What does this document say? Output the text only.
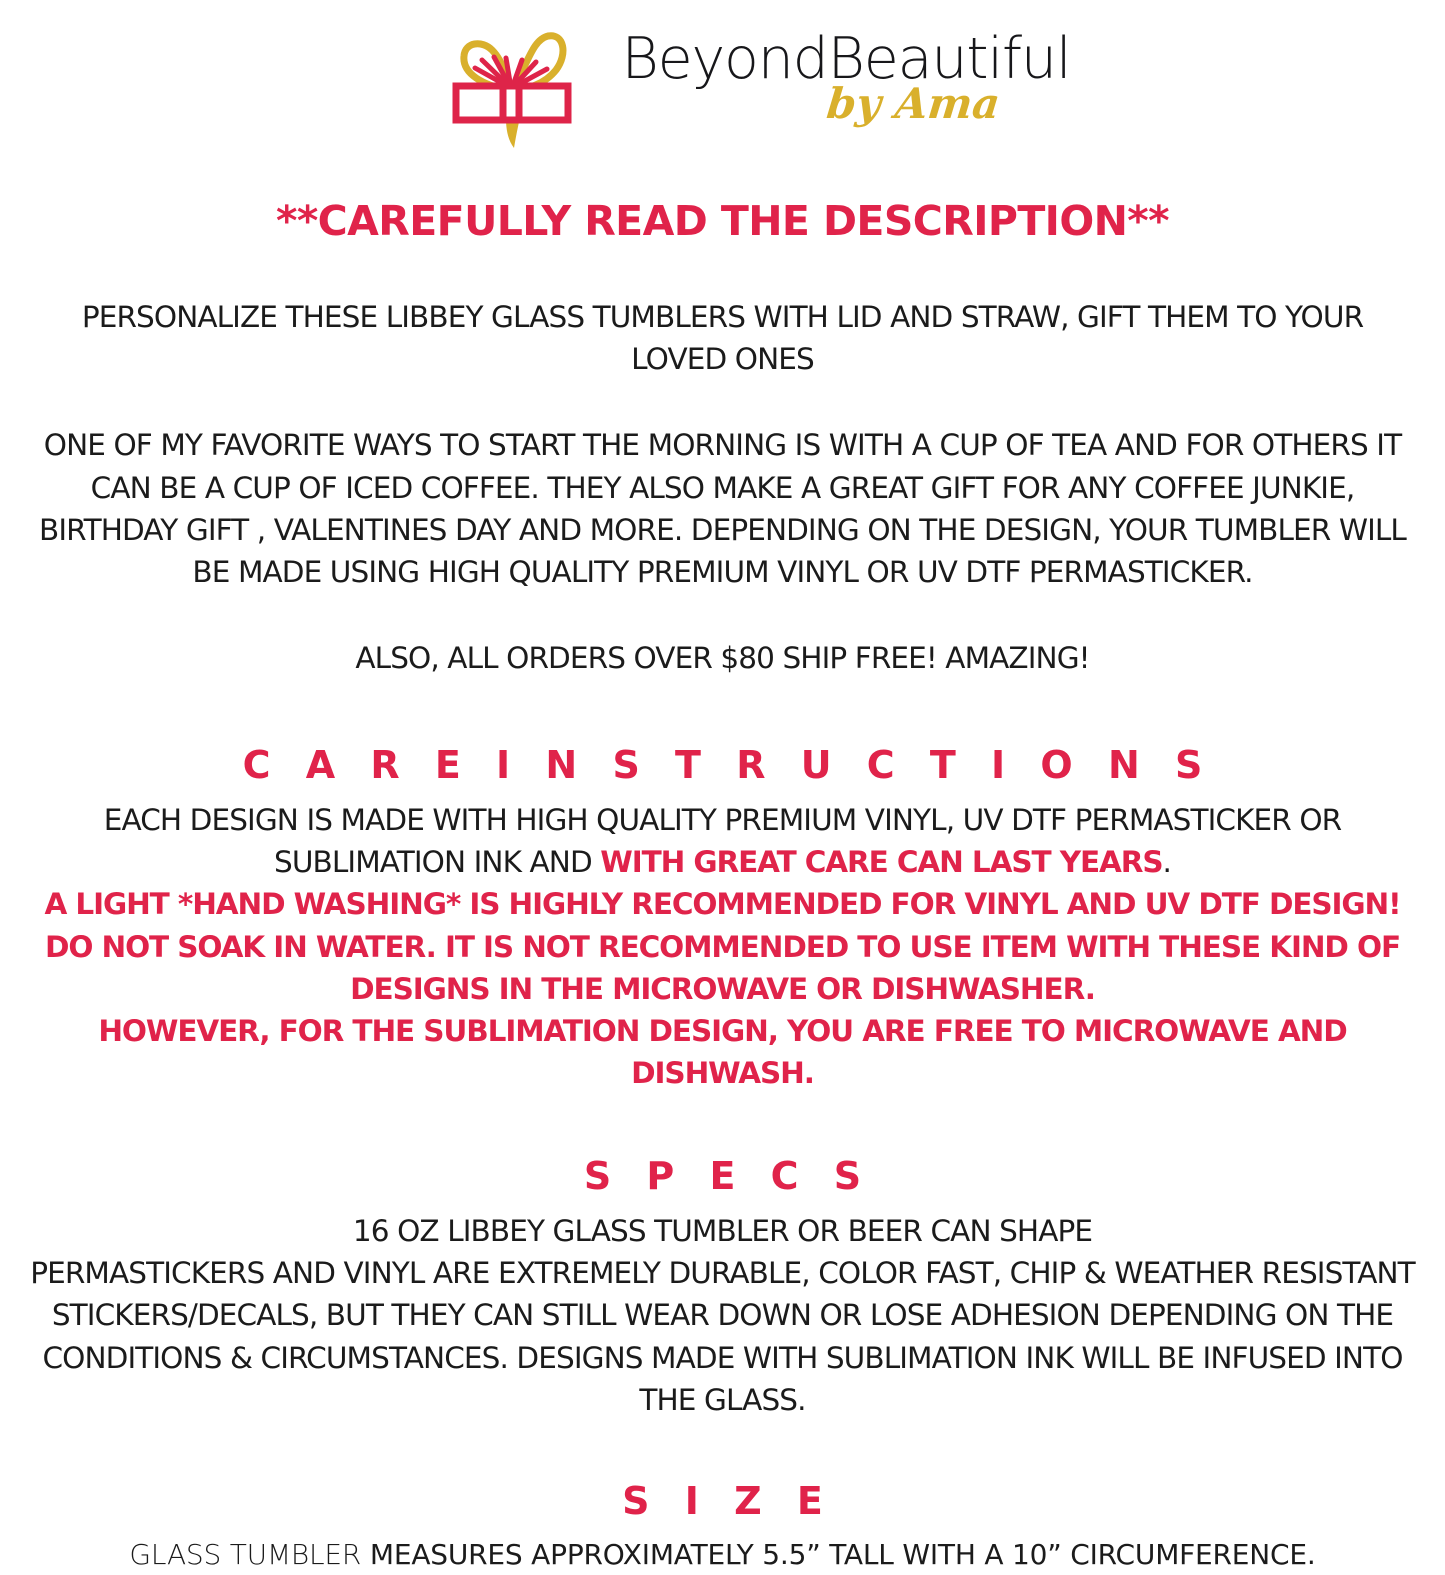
BeyondBeautiful
by Ama
**CAREFULLY READ THE DESCRIPTION**
PERSONALIZE THESE LIBBEY GLASS TUMBLERS WITH LID AND STRAW, GIFT THEM TO YOUR LOVED ONES
ONE OF MY FAVORITE WAYS TO START THE MORNING IS WITH A CUP OF TEA AND FOR OTHERS IT CAN BE A CUP OF ICED COFFEE. THEY ALSO MAKE A GREAT GIFT FOR ANY COFFEE JUNKIE, BIRTHDAY GIFT , VALENTINES DAY AND MORE. DEPENDING ON THE DESIGN, YOUR TUMBLER WILL BE MADE USING HIGH QUALITY PREMIUM VINYL OR UV DTF PERMASTICKER.
ALSO, ALL ORDERS OVER $80 SHIP FREE! AMAZING!
C A R E I N S T R U C T I O N S
EACH DESIGN IS MADE WITH HIGH QUALITY PREMIUM VINYL, UV DTF PERMASTICKER OR SUBLIMATION INK AND WITH GREAT CARE CAN LAST YEARS.
A LIGHT *HAND WASHING* IS HIGHLY RECOMMENDED FOR VINYL AND UV DTF DESIGN!
DO NOT SOAK IN WATER. IT IS NOT RECOMMENDED TO USE ITEM WITH THESE KIND OF DESIGNS IN THE MICROWAVE OR DISHWASHER.
HOWEVER, FOR THE SUBLIMATION DESIGN, YOU ARE FREE TO MICROWAVE AND DISHWASH.
S P E C S
16 OZ LIBBEY GLASS TUMBLER OR BEER CAN SHAPE
PERMASTICKERS AND VINYL ARE EXTREMELY DURABLE, COLOR FAST, CHIP & WEATHER RESISTANT STICKERS/DECALS, BUT THEY CAN STILL WEAR DOWN OR LOSE ADHESION DEPENDING ON THE CONDITIONS & CIRCUMSTANCES. DESIGNS MADE WITH SUBLIMATION INK WILL BE INFUSED INTO THE GLASS.
S I Z E
GLASS TUMBLER MEASURES APPROXIMATELY 5.5” TALL WITH A 10” CIRCUMFERENCE.
